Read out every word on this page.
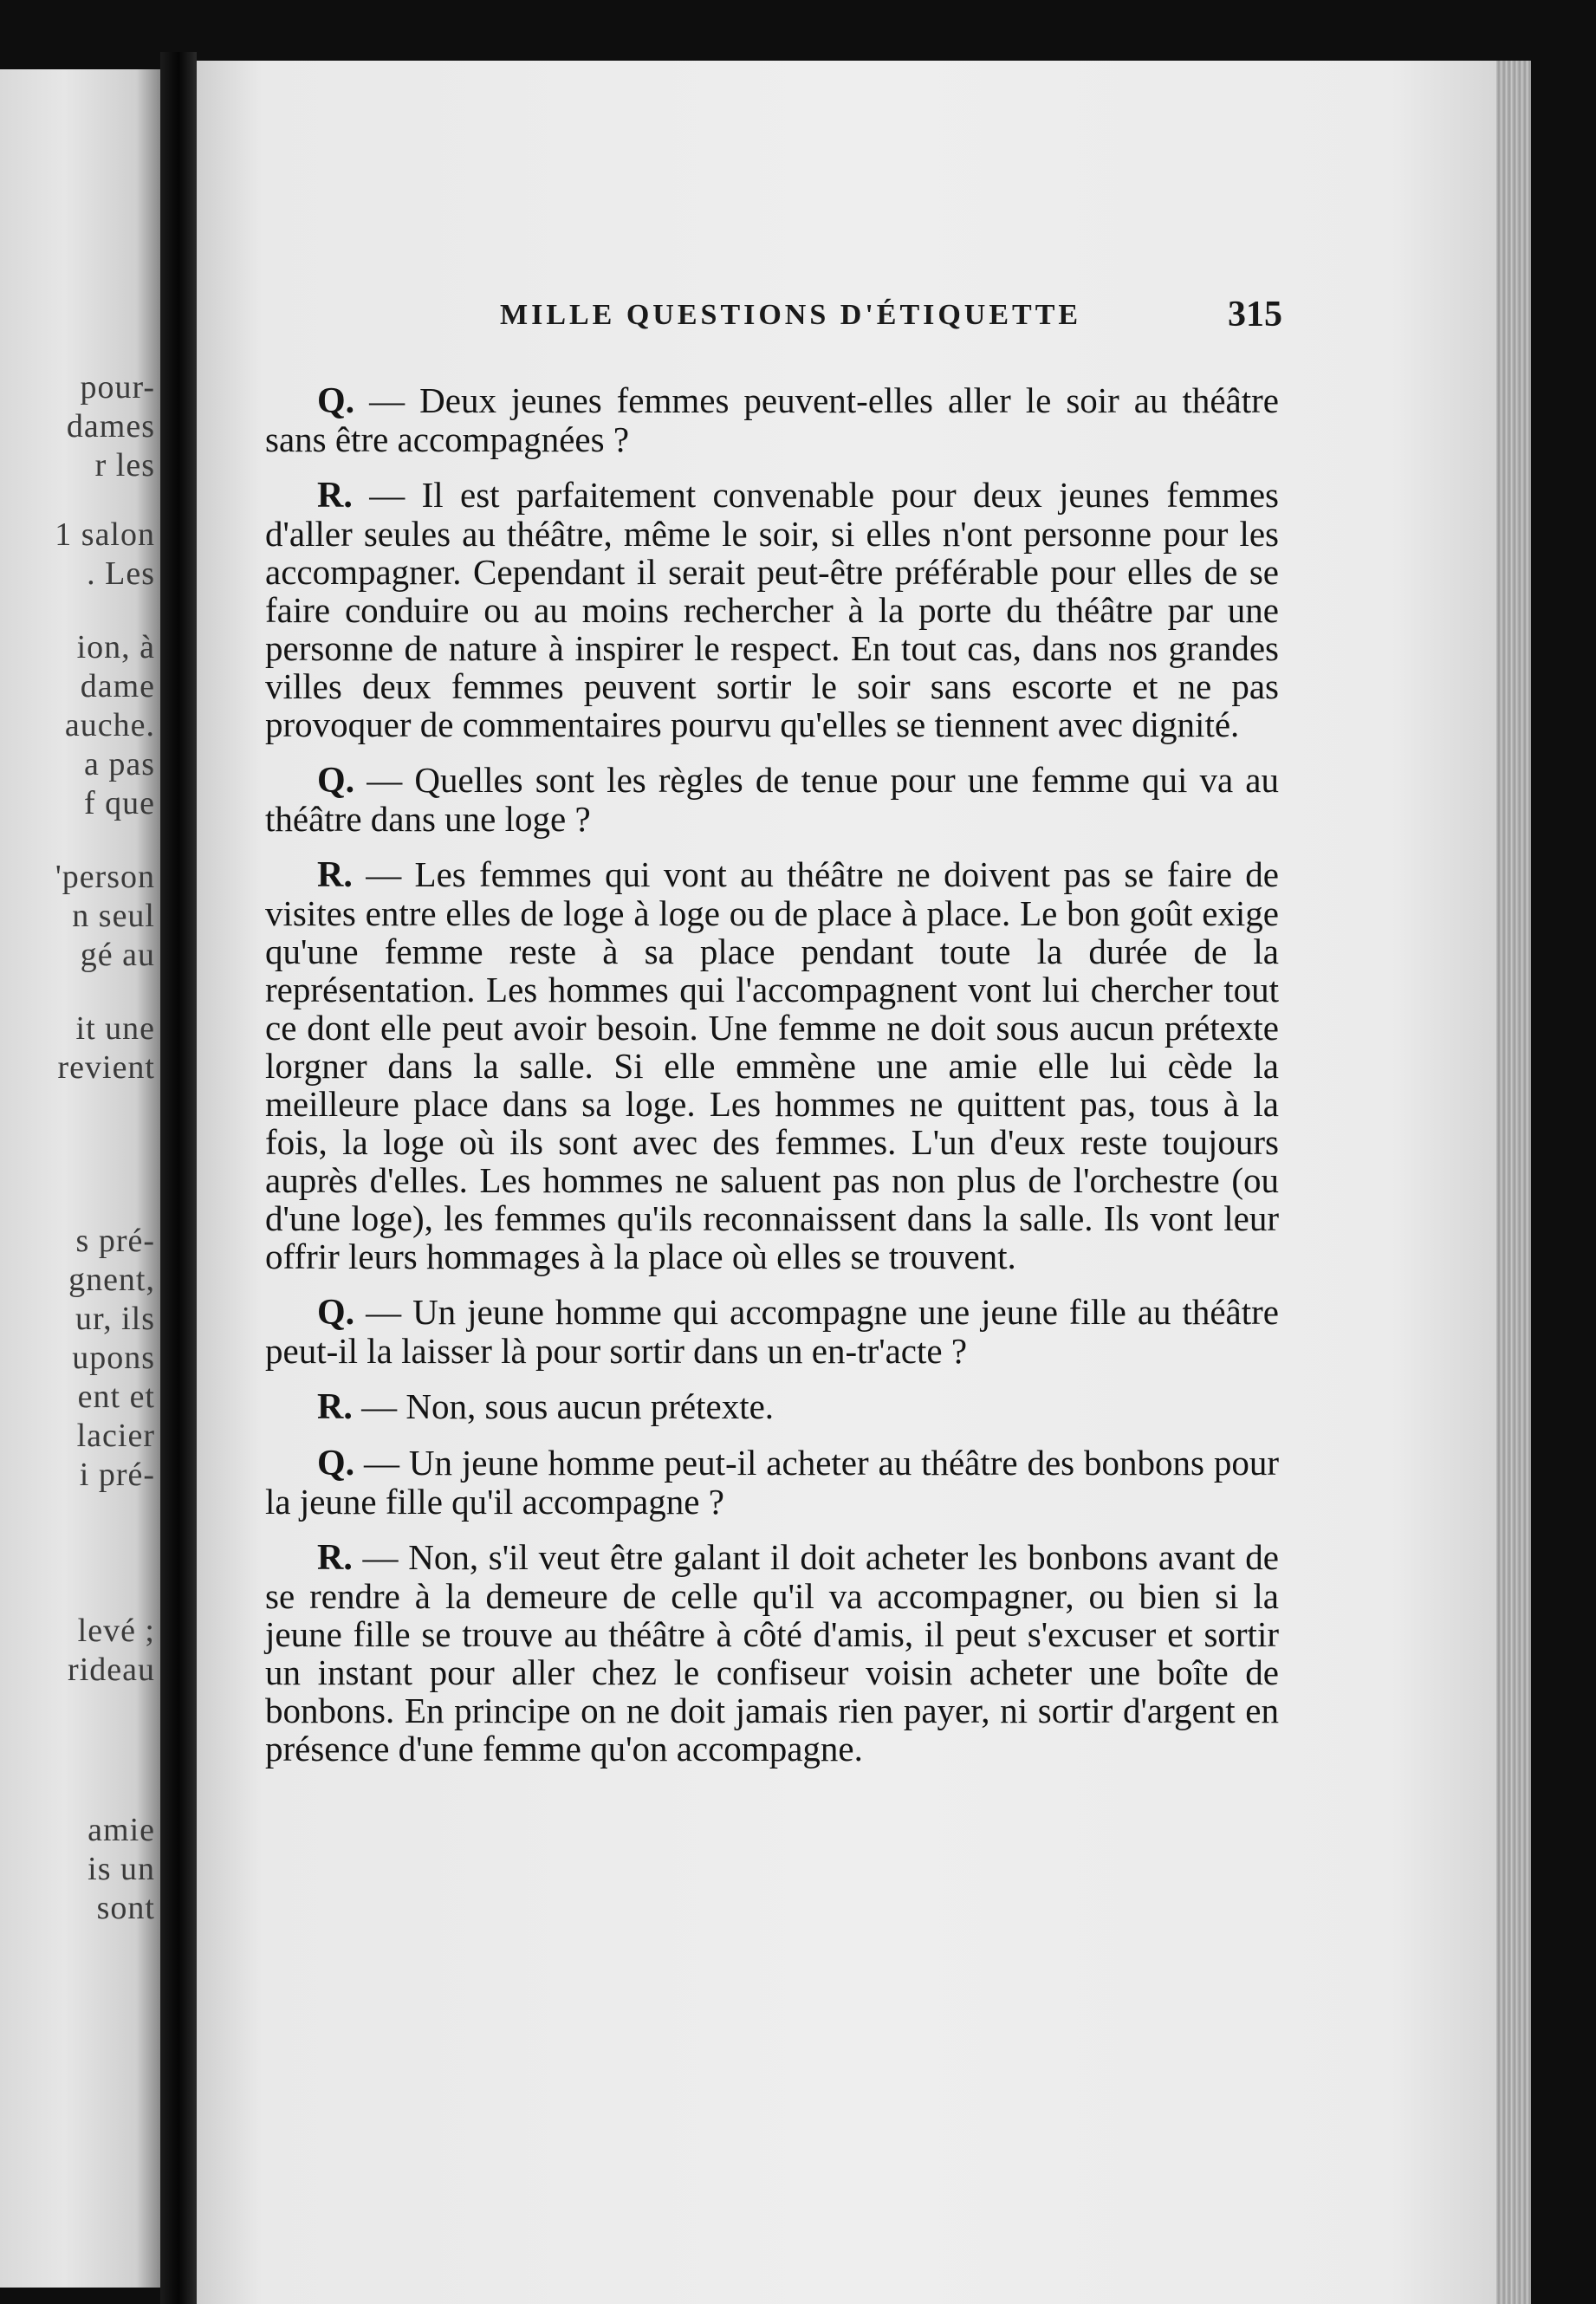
pour-
dames
r les
1 salon
. Les
ion, à
dame
auche.
a pas
f que
'person
n seul
gé au
it une
revient
s pré-
gnent,
ur, ils
upons
ent et
lacier
i pré-
levé ;
rideau
amie
is un
sont
MILLE QUESTIONS D'ÉTIQUETTE	315

Q. — Deux jeunes femmes peuvent-elles aller le soir au théâtre sans être accompagnées ?

R. — Il est parfaitement convenable pour deux jeunes femmes d'aller seules au théâtre, même le soir, si elles n'ont personne pour les accompagner. Cependant il serait peut-être préférable pour elles de se faire conduire ou au moins rechercher à la porte du théâtre par une personne de nature à inspirer le respect. En tout cas, dans nos grandes villes deux femmes peuvent sortir le soir sans escorte et ne pas provoquer de commentaires pourvu qu'elles se tiennent avec dignité.

Q. — Quelles sont les règles de tenue pour une femme qui va au théâtre dans une loge ?

R. — Les femmes qui vont au théâtre ne doivent pas se faire de visites entre elles de loge à loge ou de place à place. Le bon goût exige qu'une femme reste à sa place pendant toute la durée de la représentation. Les hommes qui l'accompagnent vont lui chercher tout ce dont elle peut avoir besoin. Une femme ne doit sous aucun prétexte lorgner dans la salle. Si elle emmène une amie elle lui cède la meilleure place dans sa loge. Les hommes ne quittent pas, tous à la fois, la loge où ils sont avec des femmes. L'un d'eux reste toujours auprès d'elles. Les hommes ne saluent pas non plus de l'orchestre (ou d'une loge), les femmes qu'ils reconnaissent dans la salle. Ils vont leur offrir leurs hommages à la place où elles se trouvent.

Q. — Un jeune homme qui accompagne une jeune fille au théâtre peut-il la laisser là pour sortir dans un en-tr'acte ?

R. — Non, sous aucun prétexte.

Q. — Un jeune homme peut-il acheter au théâtre des bonbons pour la jeune fille qu'il accompagne ?

R. — Non, s'il veut être galant il doit acheter les bonbons avant de se rendre à la demeure de celle qu'il va accompagner, ou bien si la jeune fille se trouve au théâtre à côté d'amis, il peut s'excuser et sortir un instant pour aller chez le confiseur voisin acheter une boîte de bonbons. En principe on ne doit jamais rien payer, ni sortir d'argent en présence d'une femme qu'on accompagne.
